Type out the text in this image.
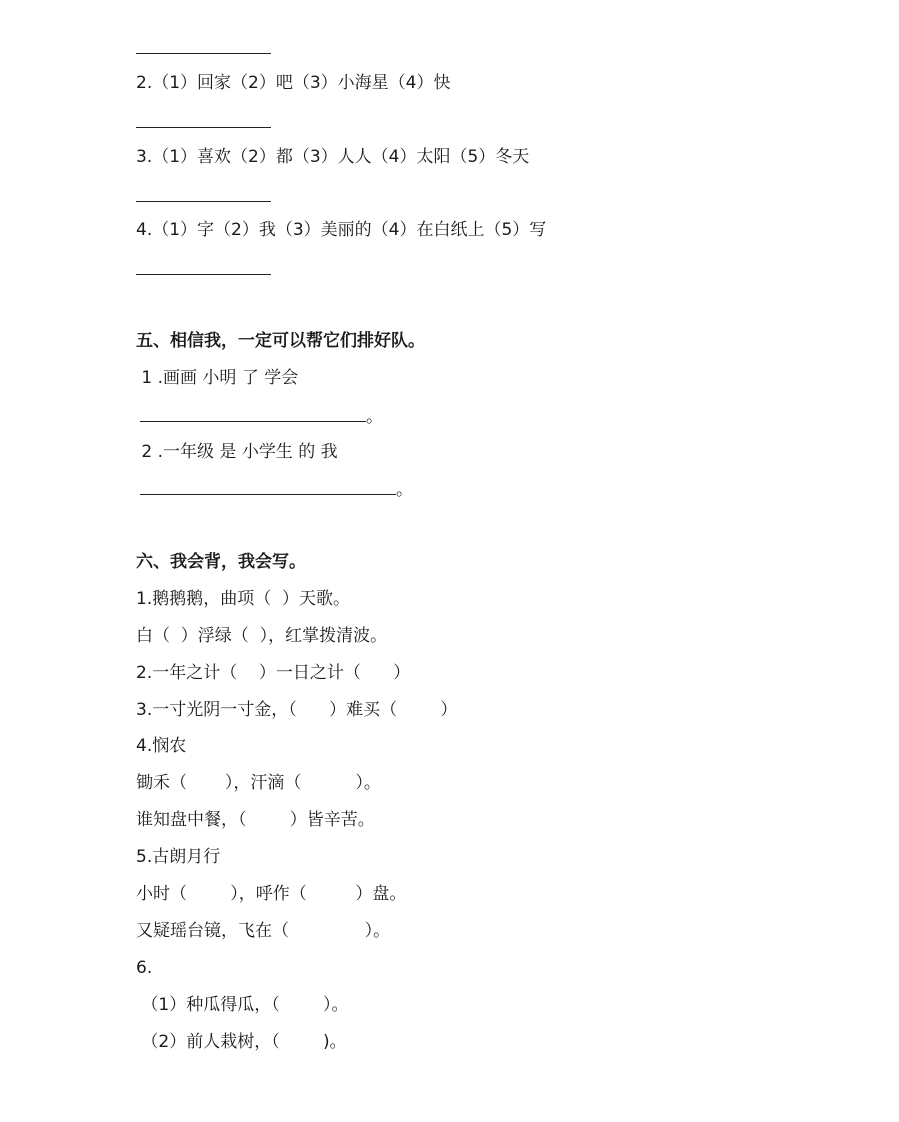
2.（1）回家（2）吧（3）小海星（4）快
3.（1）喜欢（2）都（3）人人（4）太阳（5）冬天
4.（1）字（2）我（3）美丽的（4）在白纸上（5）写
五、相信我，一定可以帮它们排好队。
1 .画画 小明 了 学会
。
2 .一年级 是 小学生 的 我
。
六、我会背，我会写。
1.鹅鹅鹅，曲项（  ）天歌。
白（  ）浮绿（  ），红掌拨清波。
2.一年之计（    ）一日之计（      ）
3.一寸光阴一寸金，（      ）难买（        ）
4.悯农
锄禾（       ），汗滴（          ）。
谁知盘中餐，（        ）皆辛苦。
5.古朗月行
小时（        ），呼作（         ）盘。
又疑瑶台镜，飞在（              ）。
6.
（1）种瓜得瓜，（        ）。
（2）前人栽树，（        )。
